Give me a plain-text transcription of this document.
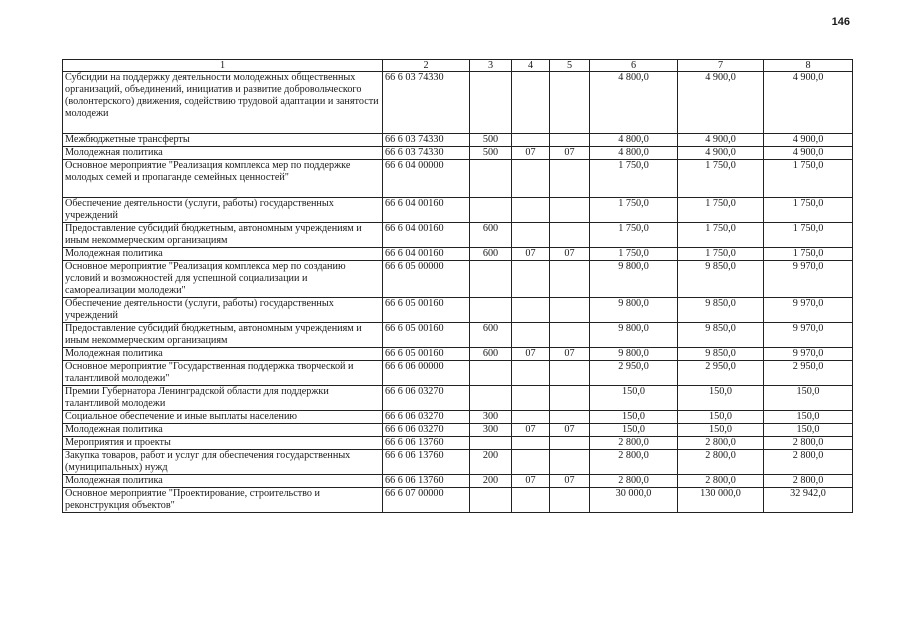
146
1	2	3	4	5	6	7	8
Субсидии на поддержку деятельности молодежных общественных организаций, объединений, инициатив и развитие добровольческого (волонтерского) движения, содействию трудовой адаптации и занятости молодежи	66 6 03 74330				4 800,0	4 900,0	4 900,0
Межбюджетные трансферты	66 6 03 74330	500			4 800,0	4 900,0	4 900,0
Молодежная политика	66 6 03 74330	500	07	07	4 800,0	4 900,0	4 900,0
Основное мероприятие "Реализация комплекса мер по поддержке молодых семей и пропаганде семейных ценностей"	66 6 04 00000				1 750,0	1 750,0	1 750,0
Обеспечение деятельности (услуги, работы) государственных учреждений	66 6 04 00160				1 750,0	1 750,0	1 750,0
Предоставление субсидий бюджетным, автономным учреждениям и иным некоммерческим организациям	66 6 04 00160	600			1 750,0	1 750,0	1 750,0
Молодежная политика	66 6 04 00160	600	07	07	1 750,0	1 750,0	1 750,0
Основное мероприятие "Реализация комплекса мер по созданию условий и возможностей для успешной социализации и самореализации молодежи"	66 6 05 00000				9 800,0	9 850,0	9 970,0
Обеспечение деятельности (услуги, работы) государственных учреждений	66 6 05 00160				9 800,0	9 850,0	9 970,0
Предоставление субсидий бюджетным, автономным учреждениям и иным некоммерческим организациям	66 6 05 00160	600			9 800,0	9 850,0	9 970,0
Молодежная политика	66 6 05 00160	600	07	07	9 800,0	9 850,0	9 970,0
Основное мероприятие "Государственная поддержка творческой и талантливой молодежи"	66 6 06 00000				2 950,0	2 950,0	2 950,0
Премии Губернатора Ленинградской области для поддержки талантливой молодежи	66 6 06 03270				150,0	150,0	150,0
Социальное обеспечение и иные выплаты населению	66 6 06 03270	300			150,0	150,0	150,0
Молодежная политика	66 6 06 03270	300	07	07	150,0	150,0	150,0
Мероприятия и проекты	66 6 06 13760				2 800,0	2 800,0	2 800,0
Закупка товаров, работ и услуг для обеспечения государственных (муниципальных) нужд	66 6 06 13760	200			2 800,0	2 800,0	2 800,0
Молодежная политика	66 6 06 13760	200	07	07	2 800,0	2 800,0	2 800,0
Основное мероприятие "Проектирование, строительство и реконструкция объектов"	66 6 07 00000				30 000,0	130 000,0	32 942,0
